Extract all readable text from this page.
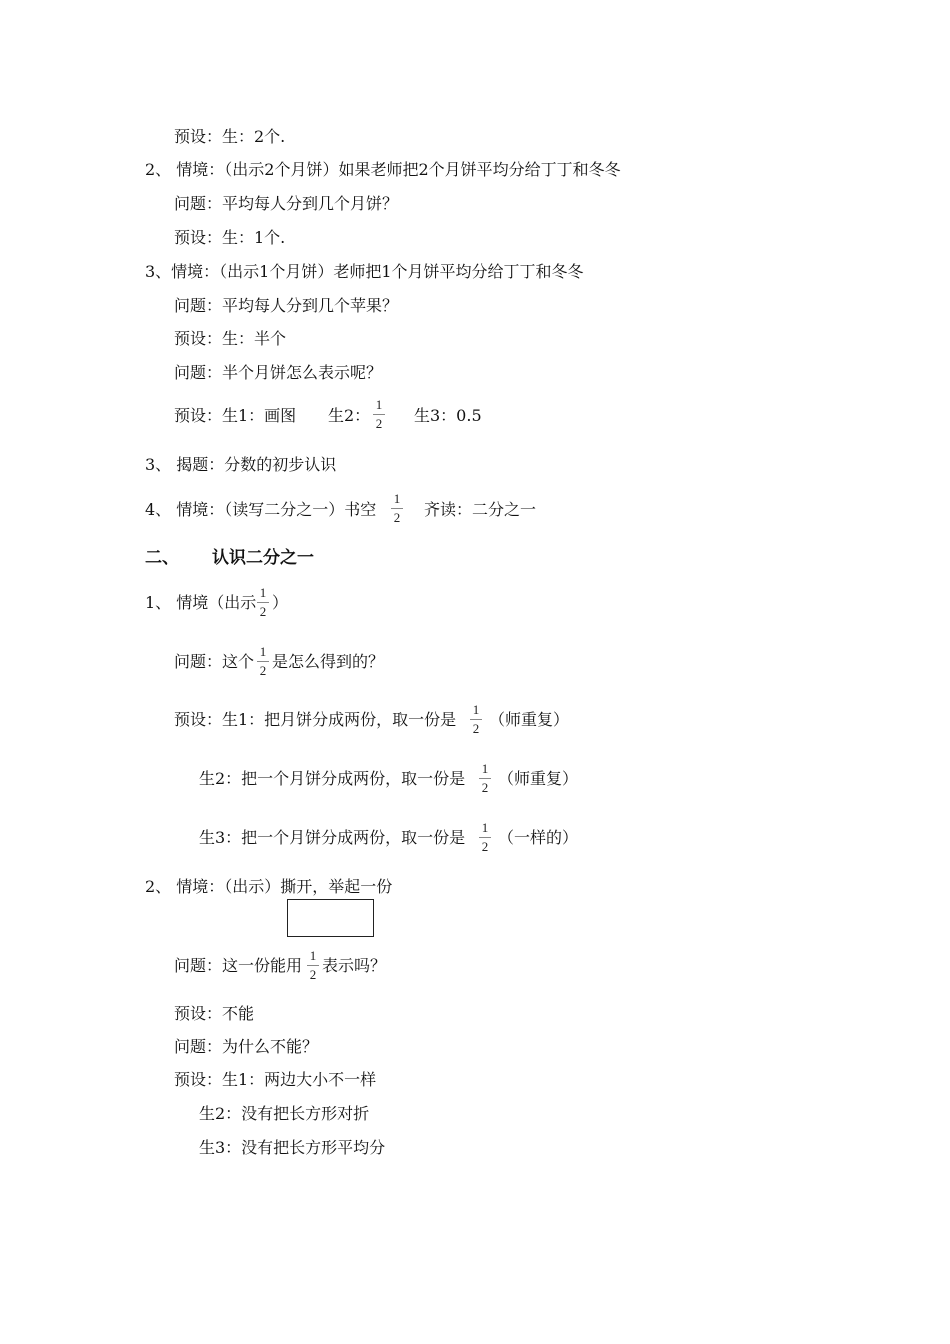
预设：生：2个.
2、 情境：（出示2个月饼）如果老师把2个月饼平均分给丁丁和冬冬
问题：平均每人分到几个月饼？
预设：生：1个.
3、情境：（出示1个月饼）老师把1个月饼平均分给丁丁和冬冬
问题：平均每人分到几个苹果？
预设：生：半个
问题：半个月饼怎么表示呢？
预设：生1：画图 生2：
1
2 生3：0.5
3、 揭题：分数的初步认识
4、 情境：（读写二分之一）书空
1
2 齐读：二分之一
二、 认识二分之一
1、 情境（出示
1
2 ）
问题：这个
1
2 是怎么得到的？
预设：生1：把月饼分成两份，取一份是
1
2 （师重复）
生2：把一个月饼分成两份，取一份是
1
2 （师重复）
生3：把一个月饼分成两份，取一份是
1
2 （一样的）
2、 情境：（出示）撕开，举起一份
问题：这一份能用
1
2 表示吗？
预设：不能
问题：为什么不能？
预设：生1：两边大小不一样
生2：没有把长方形对折
生3：没有把长方形平均分
